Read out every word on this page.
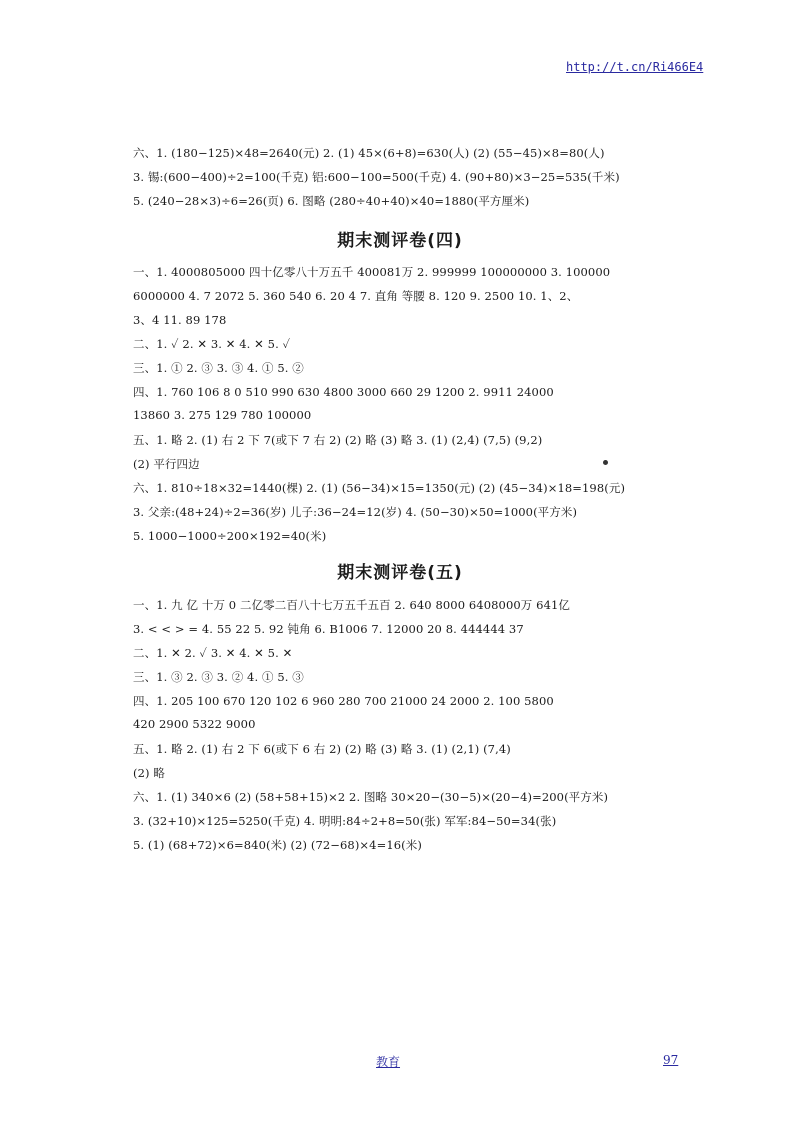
http://t.cn/Ri466E4
六、1. (180−125)×48=2640(元) 2. (1) 45×(6+8)=630(人) (2) (55−45)×8=80(人)
3. 锡:(600−400)÷2=100(千克) 铝:600−100=500(千克) 4. (90+80)×3−25=535(千米)
5. (240−28×3)÷6=26(页) 6. 图略 (280÷40+40)×40=1880(平方厘米)
期末测评卷(四)
一、1. 4000805000 四十亿零八十万五千 400081万 2. 999999 100000000 3. 100000
6000000 4. 7 2072 5. 360 540 6. 20 4 7. 直角 等腰 8. 120 9. 2500 10. 1、2、
3、4 11. 89 178
二、1. ✓ 2. ✕ 3. ✕ 4. ✕ 5. ✓
三、1. ① 2. ③ 3. ③ 4. ① 5. ②
四、1. 760 106 8 0 510 990 630 4800 3000 660 29 1200 2. 9911 24000
13860 3. 275 129 780 100000
五、1. 略 2. (1) 右 2 下 7(或下 7 右 2) (2) 略 (3) 略 3. (1) (2,4) (7,5) (9,2)
(2) 平行四边
六、1. 810÷18×32=1440(棵) 2. (1) (56−34)×15=1350(元) (2) (45−34)×18=198(元)
3. 父亲:(48+24)÷2=36(岁) 儿子:36−24=12(岁) 4. (50−30)×50=1000(平方米)
5. 1000−1000÷200×192=40(米)
期末测评卷(五)
一、1. 九 亿 十万 0 二亿零二百八十七万五千五百 2. 640 8000 6408000万 641亿
3. < < > = 4. 55 22 5. 92 钝角 6. B1006 7. 12000 20 8. 444444 37
二、1. ✕ 2. ✓ 3. ✕ 4. ✕ 5. ✕
三、1. ③ 2. ③ 3. ② 4. ① 5. ③
四、1. 205 100 670 120 102 6 960 280 700 21000 24 2000 2. 100 5800
420 2900 5322 9000
五、1. 略 2. (1) 右 2 下 6(或下 6 右 2) (2) 略 (3) 略 3. (1) (2,1) (7,4)
(2) 略
六、1. (1) 340×6 (2) (58+58+15)×2 2. 图略 30×20−(30−5)×(20−4)=200(平方米)
3. (32+10)×125=5250(千克) 4. 明明:84÷2+8=50(张) 军军:84−50=34(张)
5. (1) (68+72)×6=840(米) (2) (72−68)×4=16(米)
教育	97
